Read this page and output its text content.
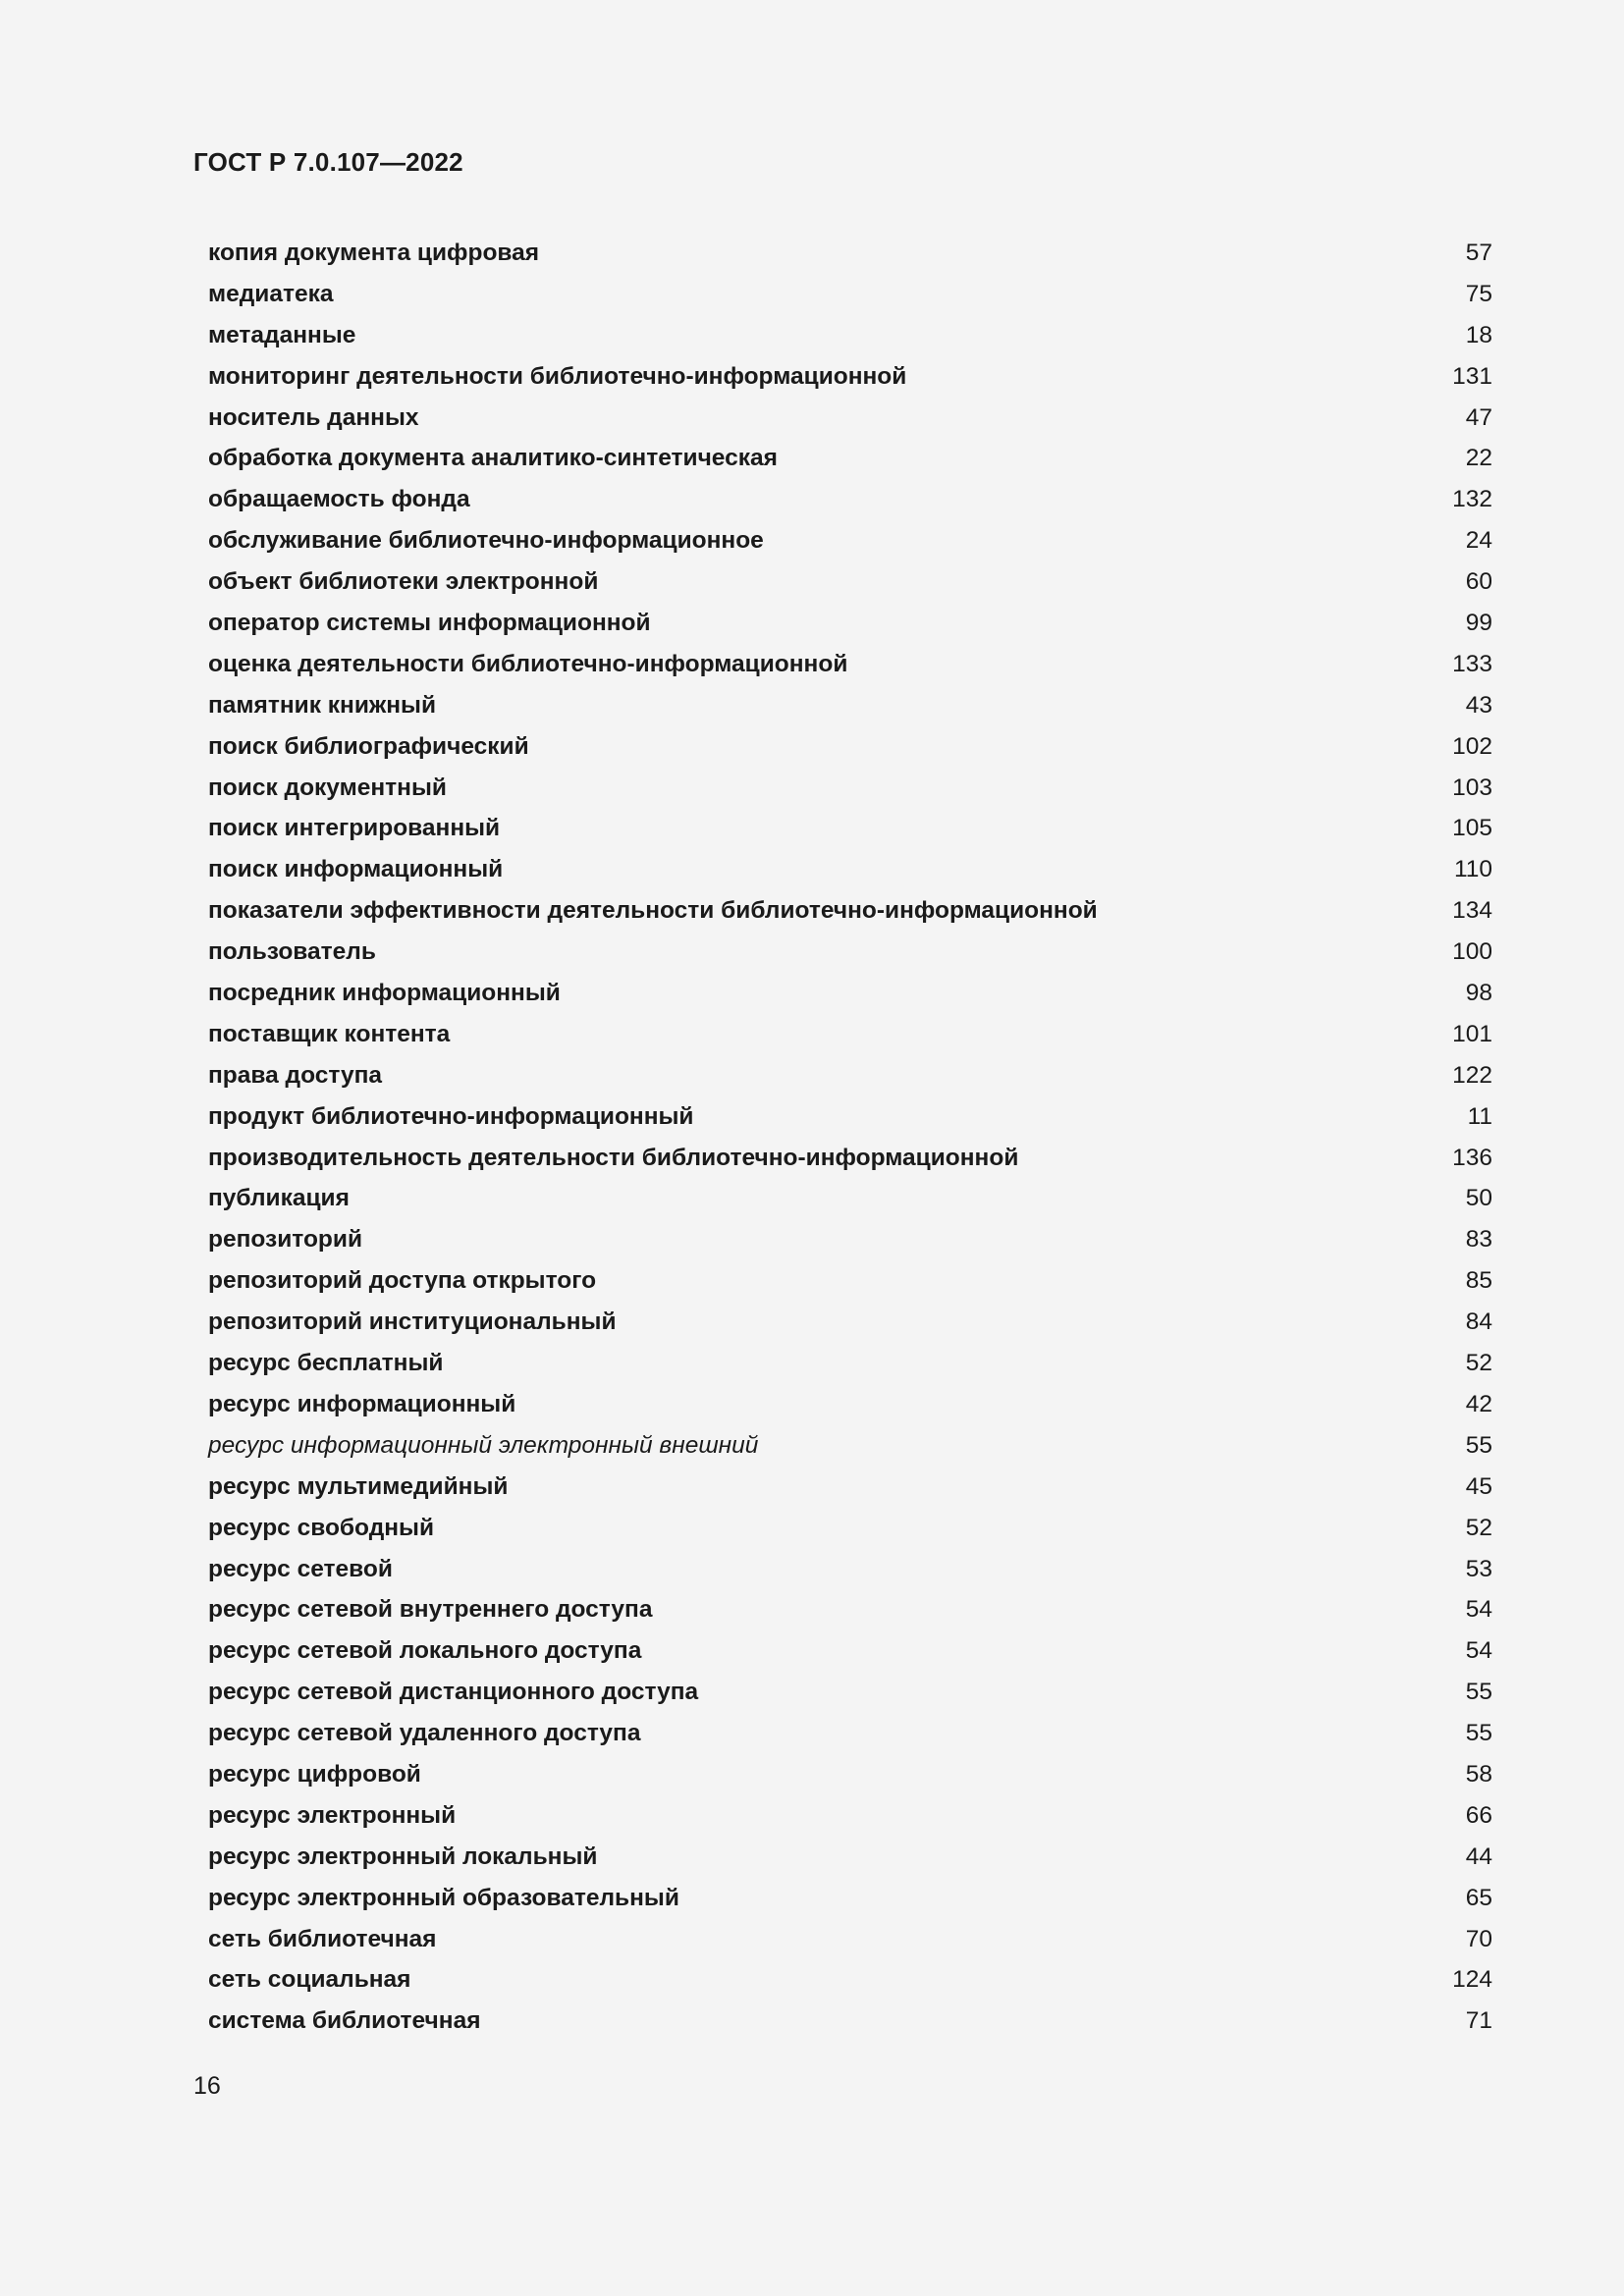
ГОСТ Р 7.0.107—2022
копия документа цифровая	57
медиатека	75
метаданные	18
мониторинг деятельности библиотечно-информационной	131
носитель данных	47
обработка документа аналитико-синтетическая	22
обращаемость фонда	132
обслуживание библиотечно-информационное	24
объект библиотеки электронной	60
оператор системы информационной	99
оценка деятельности библиотечно-информационной	133
памятник книжный	43
поиск библиографический	102
поиск документный	103
поиск интегрированный	105
поиск информационный	110
показатели эффективности деятельности библиотечно-информационной	134
пользователь	100
посредник информационный	98
поставщик контента	101
права доступа	122
продукт библиотечно-информационный	11
производительность деятельности библиотечно-информационной	136
публикация	50
репозиторий	83
репозиторий доступа открытого	85
репозиторий институциональный	84
ресурс бесплатный	52
ресурс информационный	42
ресурс информационный электронный внешний	55
ресурс мультимедийный	45
ресурс свободный	52
ресурс сетевой	53
ресурс сетевой внутреннего доступа	54
ресурс сетевой локального доступа	54
ресурс сетевой дистанционного доступа	55
ресурс сетевой удаленного доступа	55
ресурс цифровой	58
ресурс электронный	66
ресурс электронный локальный	44
ресурс электронный образовательный	65
сеть библиотечная	70
сеть социальная	124
система библиотечная	71
16
